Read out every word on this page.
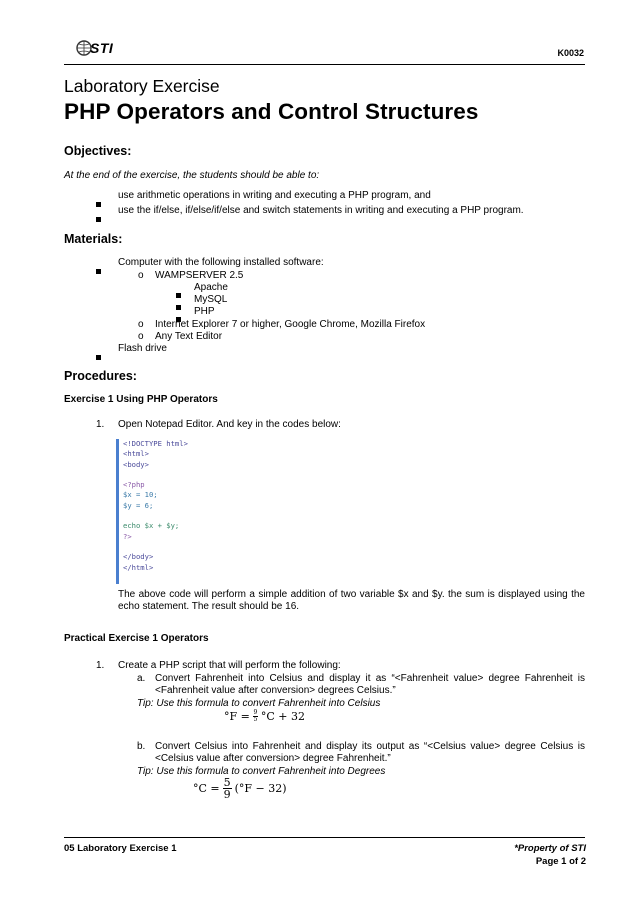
STI	K0032
Laboratory Exercise
PHP Operators and Control Structures
Objectives:
At the end of the exercise, the students should be able to:
use arithmetic operations in writing and executing a PHP program, and
use the if/else, if/else/if/else and switch statements in writing and executing a PHP program.
Materials:
Computer with the following installed software:
o WAMPSERVER 2.5
Apache
MySQL
PHP
o Internet Explorer 7 or higher, Google Chrome, Mozilla Firefox
o Any Text Editor
Flash drive
Procedures:
Exercise 1 Using PHP Operators
1. Open Notepad Editor. And key in the codes below:
<!DOCTYPE html>
<html>
<body>
<?php
$x = 10;
$y = 6;
echo $x + $y;
?>
</body>
</html>
The above code will perform a simple addition of two variable $x and $y. the sum is displayed using the echo statement. The result should be 16.
Practical Exercise 1 Operators
1. Create a PHP script that will perform the following:
a. Convert Fahrenheit into Celsius and display it as “<Fahrenheit value> degree Fahrenheit is <Fahrenheit value after conversion> degrees Celsius.”
Tip: Use this formula to convert Fahrenheit into Celsius
°F = 9
5 °C + 32
b. Convert Celsius into Fahrenheit and display its output as “<Celsius value> degree Celsius is <Celsius value after conversion> degree Fahrenheit.”
Tip: Use this formula to convert Fahrenheit into Degrees
°C = 5
9 (°F − 32)
05 Laboratory Exercise 1	*Property of STI
Page 1 of 2
